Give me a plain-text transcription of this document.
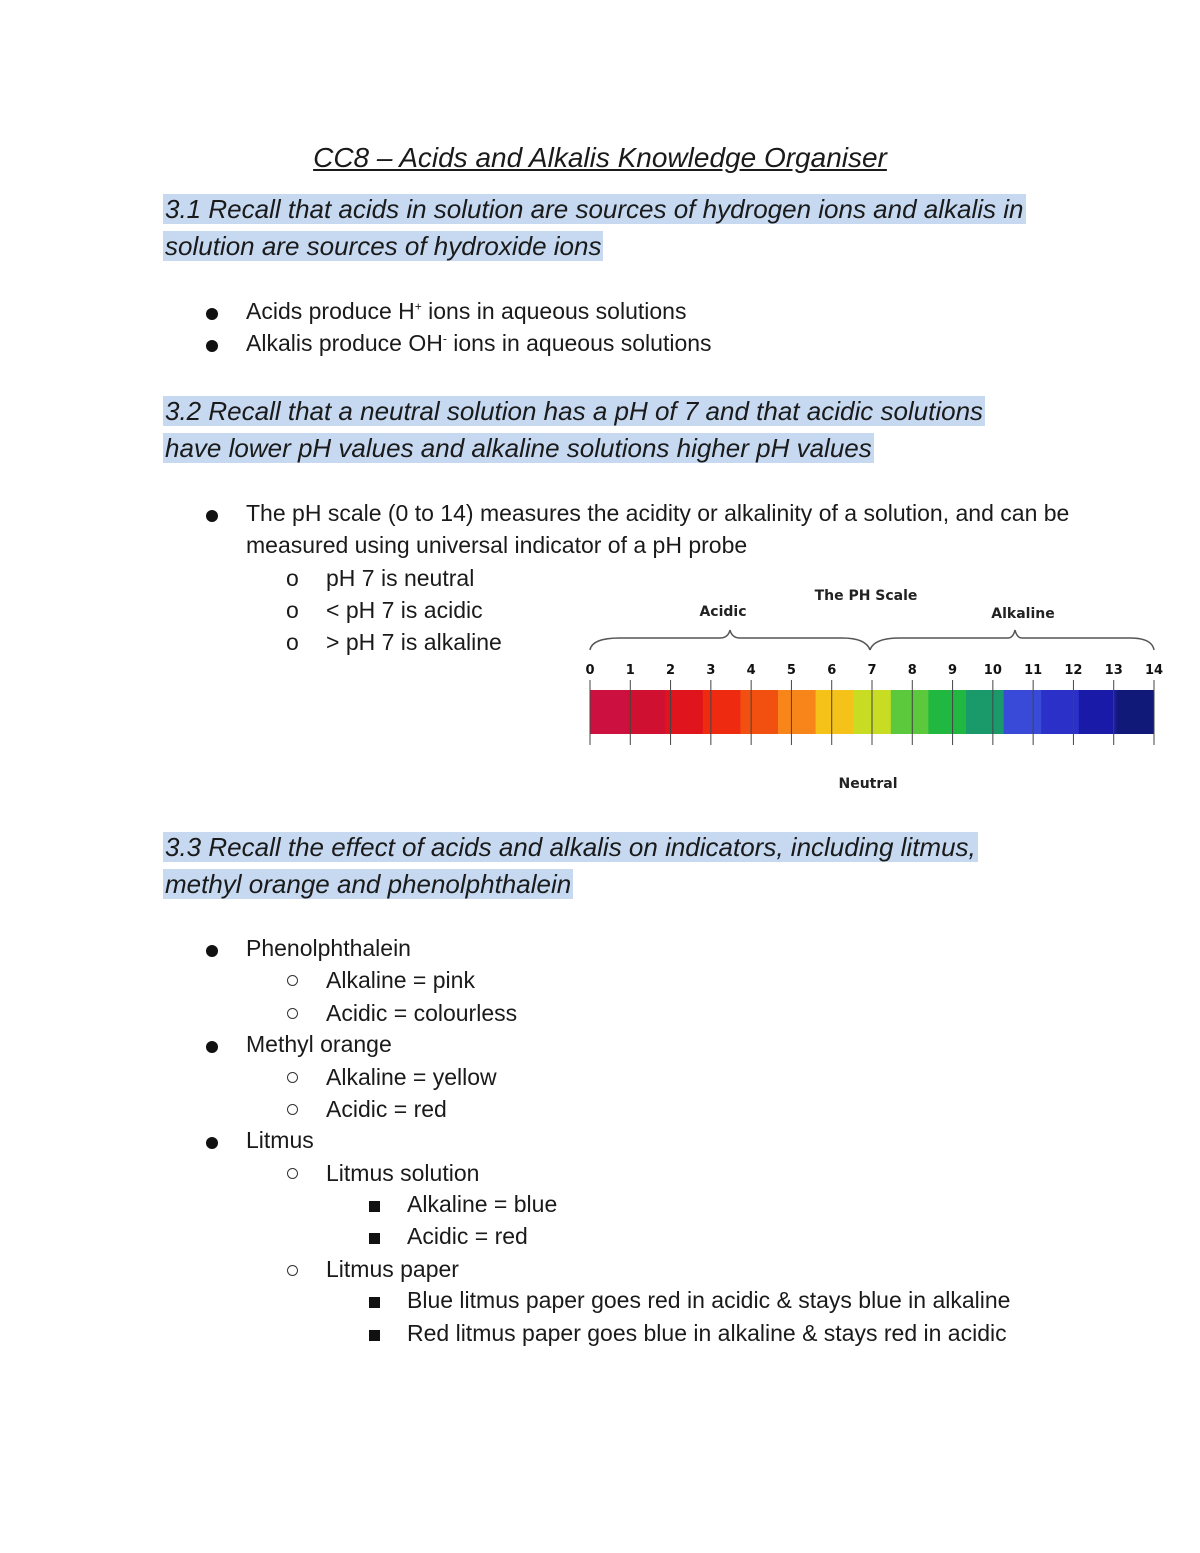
CC8 – Acids and Alkalis Knowledge Organiser
3.1 Recall that acids in solution are sources of hydrogen ions and alkalis in
solution are sources of hydroxide ions
Acids produce H+ ions in aqueous solutions
Alkalis produce OH- ions in aqueous solutions
3.2 Recall that a neutral solution has a pH of 7 and that acidic solutions
have lower pH values and alkaline solutions higher pH values
The pH scale (0 to 14) measures the acidity or alkalinity of a solution, and can be
measured using universal indicator of a pH probe
o pH 7 is neutral
o < pH 7 is acidic
o > pH 7 is alkaline
The PH Scale
Acidic	Alkaline
0 1 2 3 4 5 6 7 8 9 10 11 12 13 14
Neutral
3.3 Recall the effect of acids and alkalis on indicators, including litmus,
methyl orange and phenolphthalein
Phenolphthalein
Alkaline = pink
Acidic = colourless
Methyl orange
Alkaline = yellow
Acidic = red
Litmus
Litmus solution
Alkaline = blue
Acidic = red
Litmus paper
Blue litmus paper goes red in acidic & stays blue in alkaline
Red litmus paper goes blue in alkaline & stays red in acidic
